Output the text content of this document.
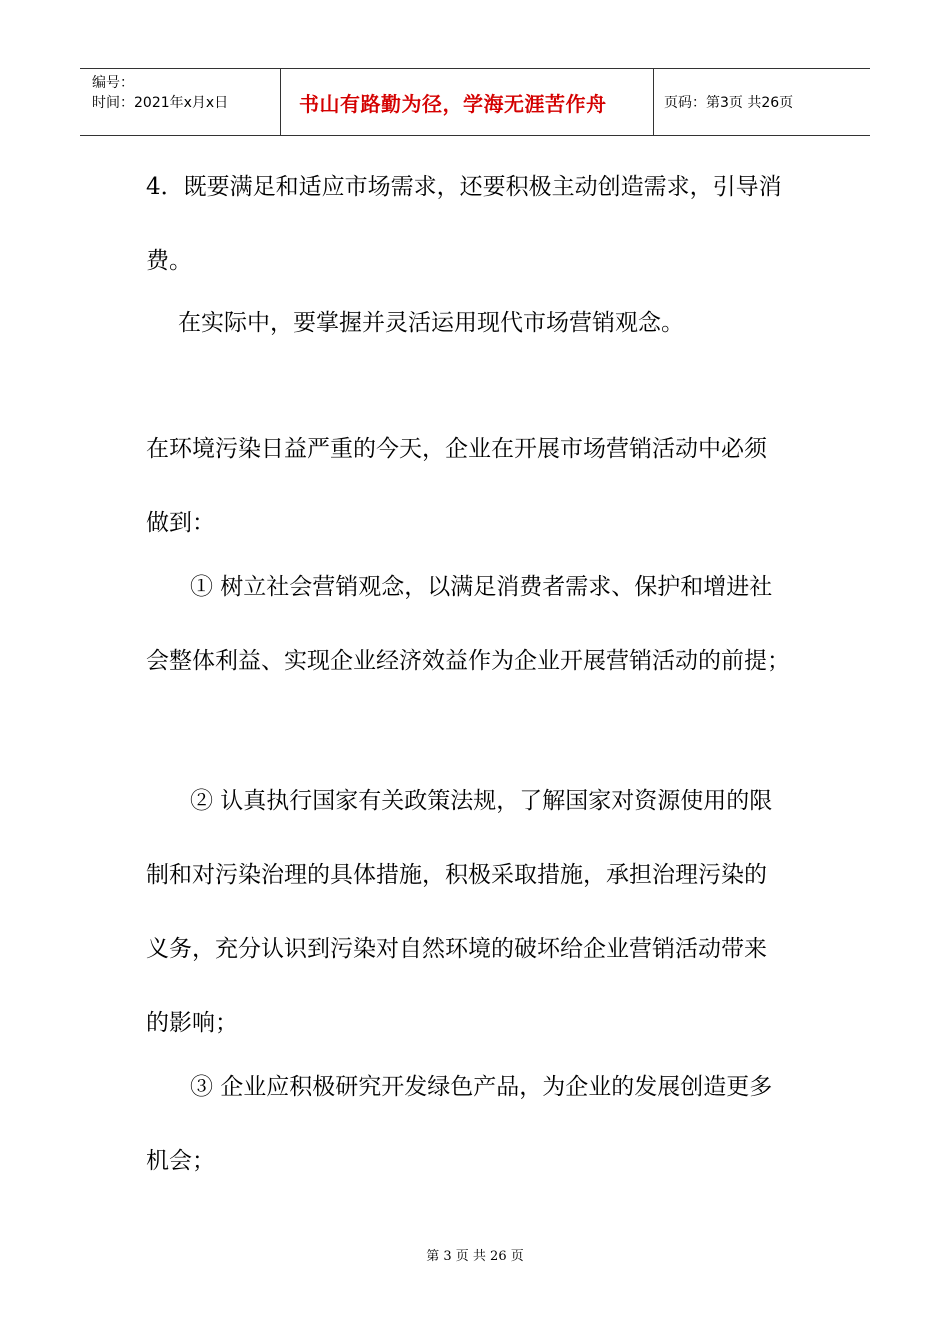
编号：
时间：2021年x月x日	书山有路勤为径，学海无涯苦作舟	页码：第3页 共26页
4．既要满足和适应市场需求，还要积极主动创造需求，引导消
费。
在实际中，要掌握并灵活运用现代市场营销观念。
在环境污染日益严重的今天，企业在开展市场营销活动中必须
做到：
① 树立社会营销观念，以满足消费者需求、保护和增进社
会整体利益、实现企业经济效益作为企业开展营销活动的前提；
② 认真执行国家有关政策法规，了解国家对资源使用的限
制和对污染治理的具体措施，积极采取措施，承担治理污染的
义务，充分认识到污染对自然环境的破坏给企业营销活动带来
的影响；
③ 企业应积极研究开发绿色产品，为企业的发展创造更多
机会；
第 3 页 共 26 页
